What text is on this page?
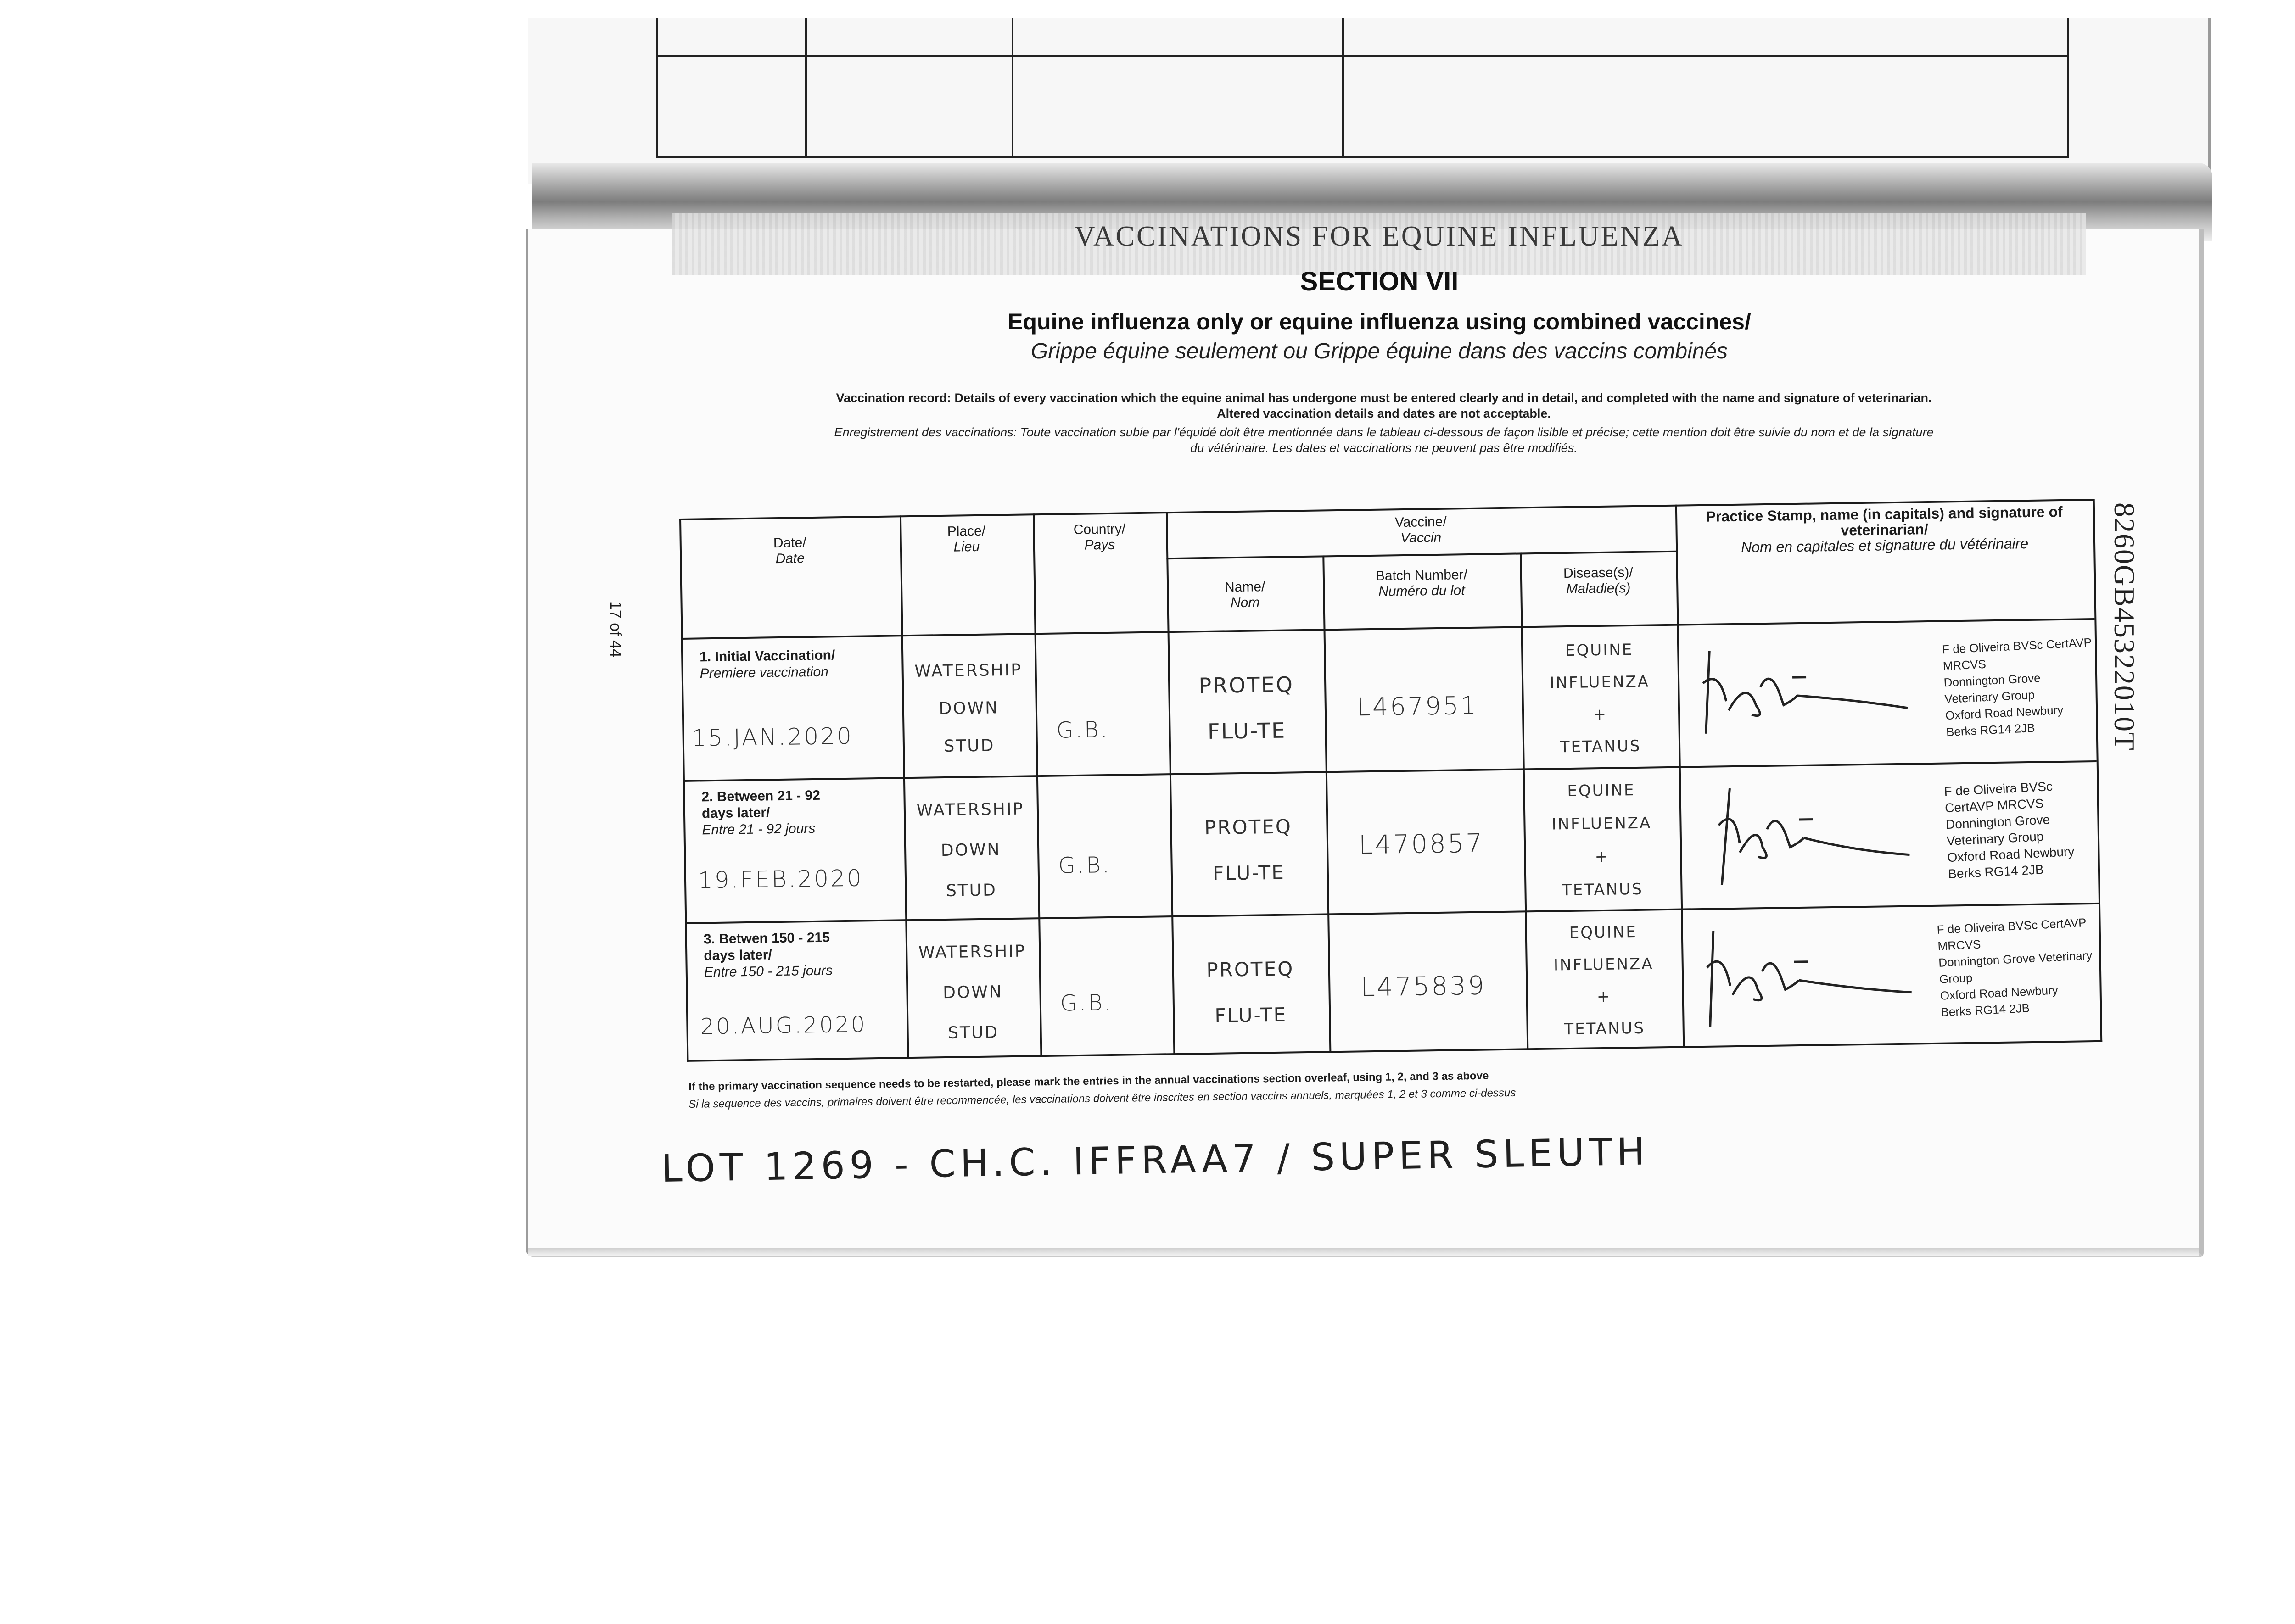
VACCINATIONS FOR EQUINE INFLUENZA
SECTION VII
Equine influenza only or equine influenza using combined vaccines/
Grippe équine seulement ou Grippe équine dans des vaccins combinés
Vaccination record: Details of every vaccination which the equine animal has undergone must be entered clearly and in detail, and completed with the name and signature of veterinarian.
Altered vaccination details and dates are not acceptable.
Enregistrement des vaccinations: Toute vaccination subie par l'équidé doit être mentionnée dans le tableau ci-dessous de façon lisible et précise; cette mention doit être suivie du nom et de la signature
du vétérinaire. Les dates et vaccinations ne peuvent pas être modifiés.
17 of 44	8260GB45322010T
Date/
Date
Place/
Lieu
Country/
Pays
Vaccine/
Vaccin
Name/
Nom
Batch Number/
Numéro du lot
Disease(s)/
Maladie(s)
Practice Stamp, name (in capitals) and signature of
veterinarian/
Nom en capitales et signature du vétérinaire
1. Initial Vaccination/
Premiere vaccination
15.JAN.2020
WATERSHIP
DOWN
STUD
G.B.
PROTEQ
FLU-TE
L467951
EQUINE
INFLUENZA
+
TETANUS
F de Oliveira BVSc CertAVP MRCVS
Donnington Grove Veterinary Group
Oxford Road Newbury
Berks RG14 2JB
2. Between 21 - 92
days later/
Entre 21 - 92 jours
19.FEB.2020
WATERSHIP
DOWN
STUD
G.B.
PROTEQ
FLU-TE
L470857
EQUINE
INFLUENZA
+
TETANUS
F de Oliveira BVSc CertAVP MRCVS
Donnington Grove Veterinary Group
Oxford Road Newbury
Berks RG14 2JB
3. Betwen 150 - 215
days later/
Entre 150 - 215 jours
20.AUG.2020
WATERSHIP
DOWN
STUD
G.B.
PROTEQ
FLU-TE
L475839
EQUINE
INFLUENZA
+
TETANUS
F de Oliveira BVSc CertAVP MRCVS
Donnington Grove Veterinary Group
Oxford Road Newbury
Berks RG14 2JB
If the primary vaccination sequence needs to be restarted, please mark the entries in the annual vaccinations section overleaf, using 1, 2, and 3 as above
Si la sequence des vaccins, primaires doivent être recommencée, les vaccinations doivent être inscrites en section vaccins annuels, marquées 1, 2 et 3 comme ci-dessus
LOT 1269 - CH.C. IFFRAA7 / SUPER SLEUTH
